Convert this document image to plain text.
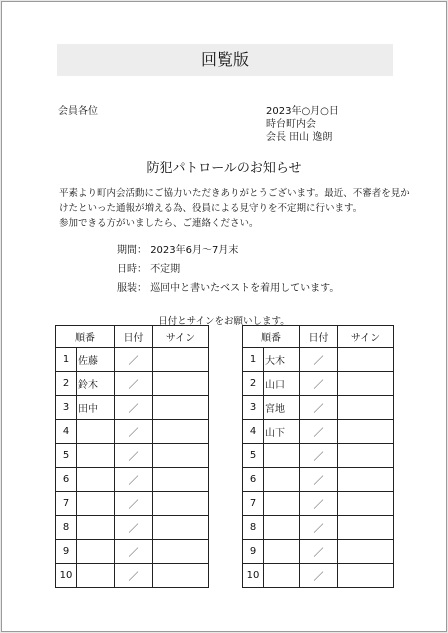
回覧版
会員各位	2023年○月○日
時台町内会
会長 田山 逸朗
防犯パトロールのお知らせ
平素より町内会活動にご協力いただきありがとうございます。最近、不審者を見か
けたといった通報が増える為、役員による見守りを不定期に行います。
参加できる方がいましたら、ご連絡ください。
期間： 2023年6月～7月末
日時： 不定期
服装： 巡回中と書いたベストを着用しています。
日付とサインをお願いします。
順番		日付	サイン
1	佐藤	／	
2	鈴木	／	
3	田中	／	
4		／	
5		／	
6		／	
7		／	
8		／	
9		／	
10		／	
順番		日付	サイン
1	大木	／	
2	山口	／	
3	宮地	／	
4	山下	／	
5		／	
6		／	
7		／	
8		／	
9		／	
10		／	
